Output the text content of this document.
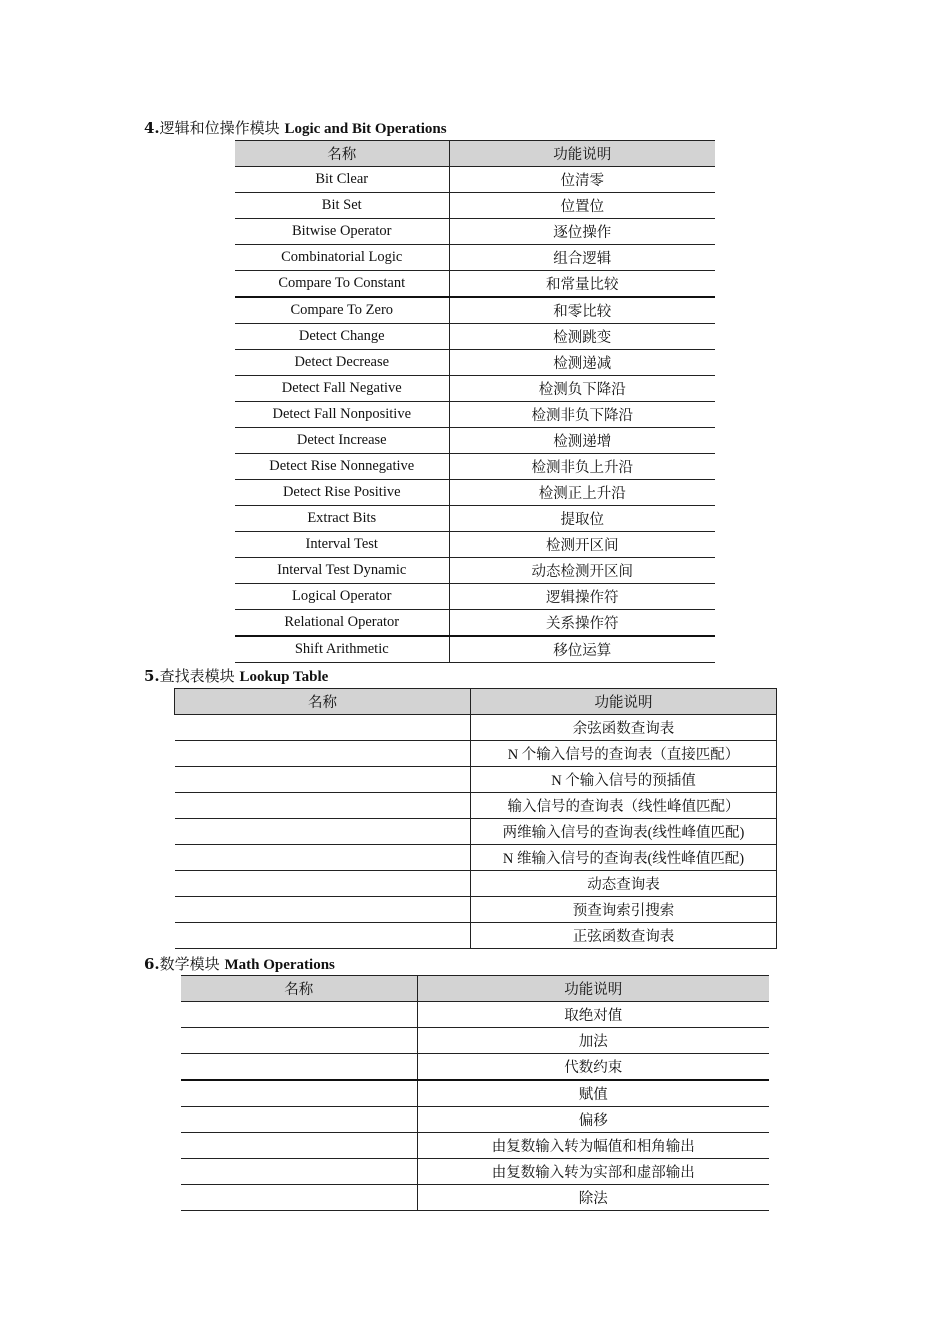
4.逻辑和位操作模块 Logic and Bit Operations
名称	功能说明
Bit Clear	位清零
Bit Set	位置位
Bitwise Operator	逐位操作
Combinatorial Logic	组合逻辑
Compare To Constant	和常量比较
Compare To Zero	和零比较
Detect Change	检测跳变
Detect Decrease	检测递减
Detect Fall Negative	检测负下降沿
Detect Fall Nonpositive	检测非负下降沿
Detect Increase	检测递增
Detect Rise Nonnegative	检测非负上升沿
Detect Rise Positive	检测正上升沿
Extract Bits	提取位
Interval Test	检测开区间
Interval Test Dynamic	动态检测开区间
Logical Operator	逻辑操作符
Relational Operator	关系操作符
Shift Arithmetic	移位运算
5.查找表模块 Lookup Table
名称	功能说明
	余弦函数查询表
	N 个输入信号的查询表（直接匹配）
	N 个输入信号的预插值
	输入信号的查询表（线性峰值匹配）
	两维输入信号的查询表(线性峰值匹配)
	N 维输入信号的查询表(线性峰值匹配)
	动态查询表
	预查询索引搜索
	正弦函数查询表
6.数学模块 Math Operations
名称	功能说明
	取绝对值
	加法
	代数约束
	赋值
	偏移
	由复数输入转为幅值和相角输出
	由复数输入转为实部和虚部输出
	除法
